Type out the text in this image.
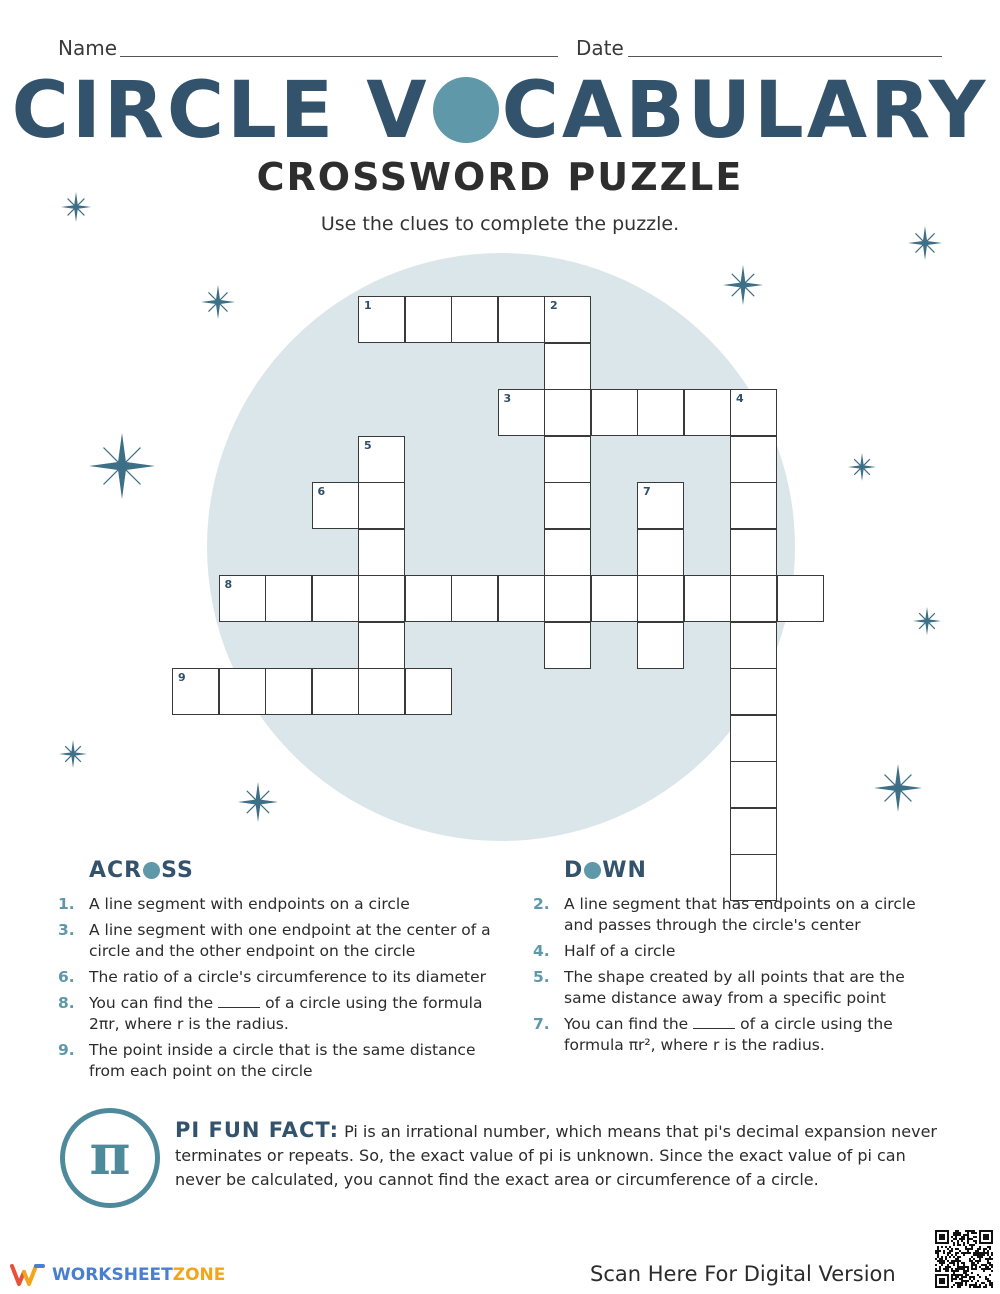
Name	Date
CIRCLE V CABULARY
CROSSWORD PUZZLE
Use the clues to complete the puzzle.
1	2
3	4
5
6	7
8
9
ACR SS
1. A line segment with endpoints on a circle
3. A line segment with one endpoint at the center of a circle and the other endpoint on the circle
6. The ratio of a circle's circumference to its diameter
8. You can find the	of a circle using the formula 2πr, where r is the radius.
9. The point inside a circle that is the same distance from each point on the circle
D WN
2. A line segment that has endpoints on a circle and passes through the circle's center
4. Half of a circle
5. The shape created by all points that are the same distance away from a specific point
7. You can find the	of a circle using the formula πr², where r is the radius.
π PI FUN FACT: Pi is an irrational number, which means that pi's decimal expansion never terminates or repeats. So, the exact value of pi is unknown. Since the exact value of pi can never be calculated, you cannot find the exact area or circumference of a circle.
WORKSHEETZONE	Scan Here For Digital Version
